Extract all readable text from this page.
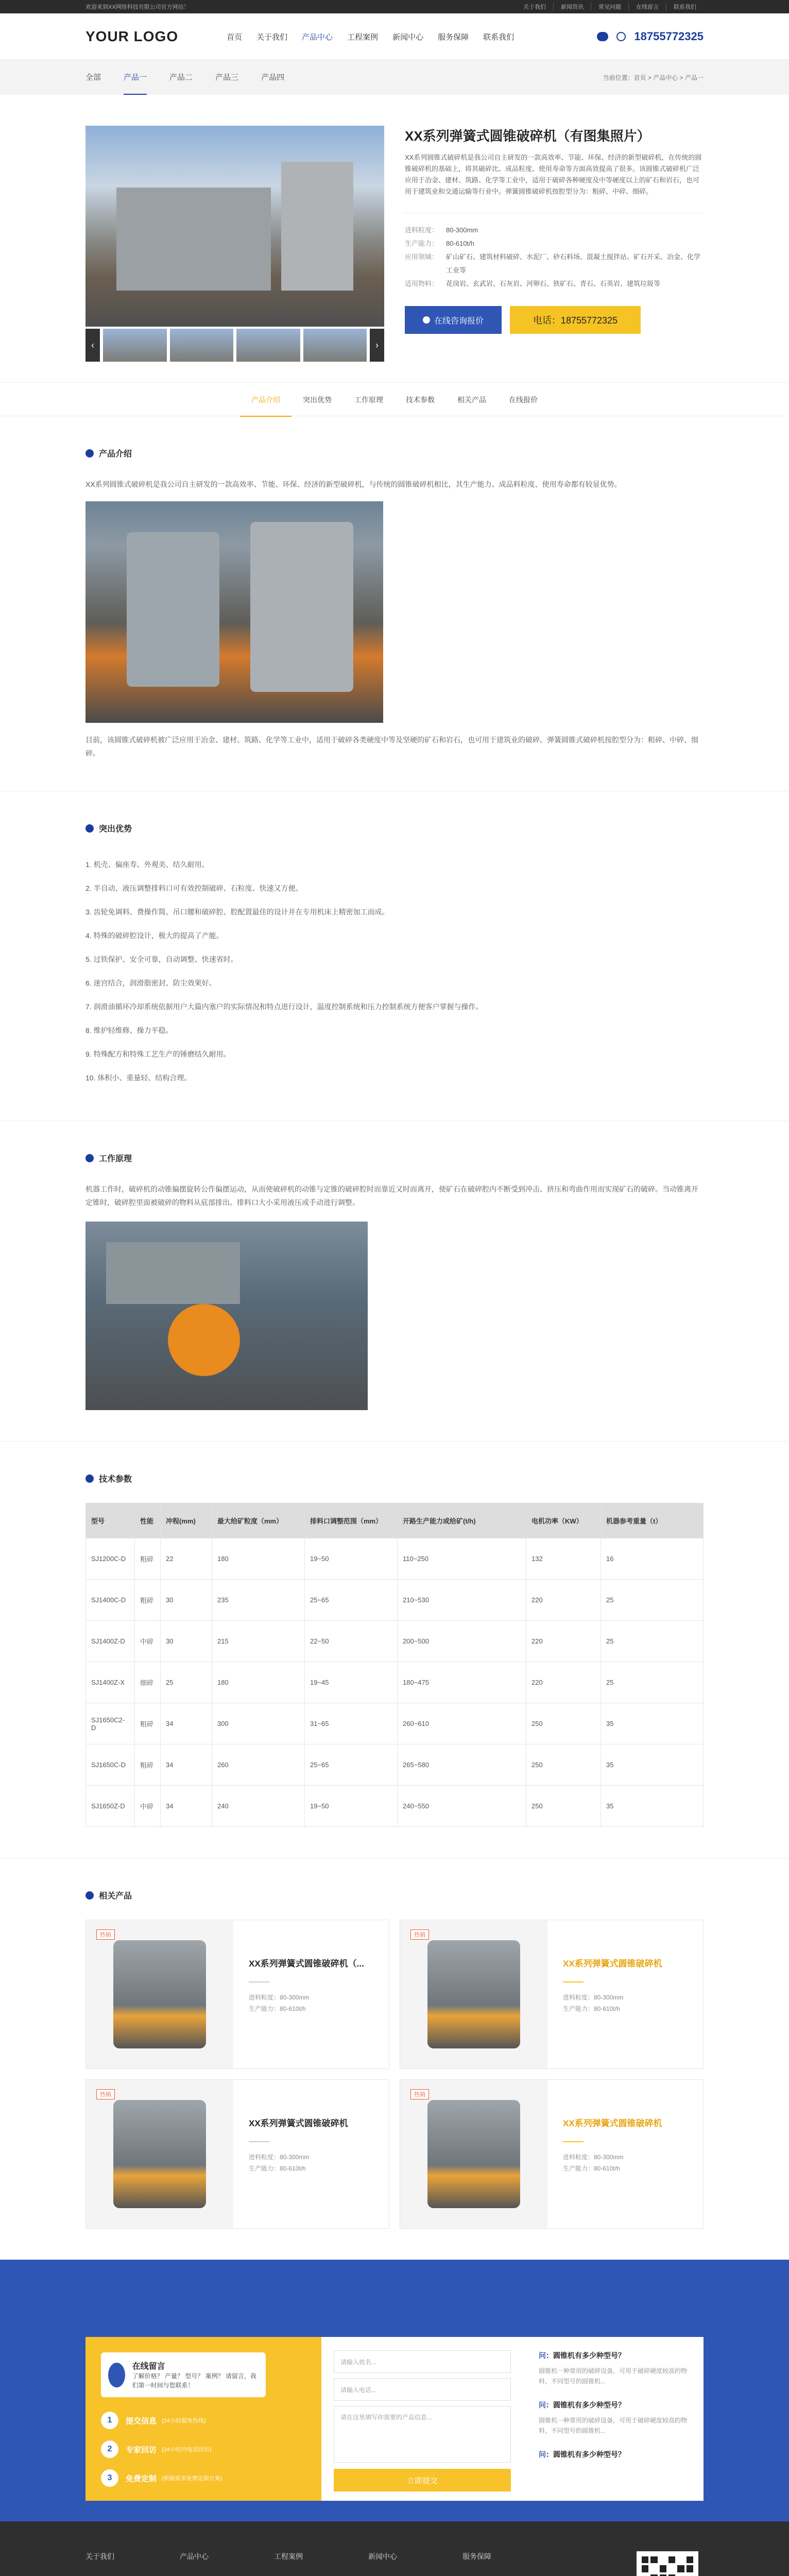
欢迎来到XX网络科技有限公司官方网站！	关于我们	新闻资讯	常见问题	在线留言	联系我们
YOUR LOGO	首页	关于我们	产品中心	工程案例	新闻中心	服务保障	联系我们	18755772325
全部	产品一	产品二	产品三	产品四	当前位置：首页 > 产品中心 > 产品一
‹	›
XX系列弹簧式圆锥破碎机（有图集照片）
XX系列圆锥式破碎机是我公司自主研发的一款高效率、节能、环保、经济的新型破碎机，在传统的圆锥破碎机的基础上，将其破碎比、成品粒度、使用寿命等方面高效提高了很多。该圆锥式破碎机广泛应用于冶金、建材、筑路、化学等工业中，适用于破碎各种硬度及中等硬度以上的矿石和岩石，也可用于建筑业和交通运输等行业中。弹簧圆锥破碎机按腔型分为：粗碎、中碎、细碎。
进料粒度：	80-300mm
生产能力：	80-610t/h
应用领域：	矿山矿石、建筑材料破碎、水泥厂、砂石料场、混凝土搅拌站、矿石开采、冶金、化学工业等
适用物料：	花岗岩、玄武岩、石灰岩、河卵石、铁矿石、青石、石英岩、建筑垃圾等
在线咨询报价	电话：18755772325
产品介绍	突出优势	工作原理	技术参数	相关产品	在线报价
产品介绍

XX系列圆锥式破碎机是我公司自主研发的一款高效率、节能、环保、经济的新型破碎机，与传统的圆锥破碎机相比，其生产能力、成品料粒度、使用寿命都有较显优势。

目前，该圆锥式破碎机被广泛应用于冶金、建材、筑路、化学等工业中，适用于破碎各类硬度中等及坚硬的矿石和岩石，也可用于建筑业的破碎。弹簧圆锥式破碎机按腔型分为：粗碎、中碎、细碎。

突出优势

1. 机壳、偏座寿、外观美、结久耐用。

2. 半自动、液压调整排料口可有效控制破碎、石粒度、快速又方便。

3. 齿轮免调料、费操作简、吊口腰和破碎腔、腔配置最佳的设计并在专用机床上精密加工而成。

4. 特殊的破碎腔设计，极大的提高了产能。

5. 过铁保护、安全可靠，自动调整、快速省时。

6. 迷宫结合，润滑脂密封、防尘效果好。

7. 润滑油循环冷却系统依据用户大篇内塞户的实际情况和特点进行设计，温度控制系统和压力控制系统方便客户掌握与操作。

8. 维护轻维修、操力平稳。

9. 特殊配方和特殊工艺生产的锤磨结久耐用。

10. 体积小、重量轻、结构合理。

工作原理

机器工作时，破碎机的动锥偏摆旋转公作偏摆运动，从而使破碎机的动锥与定锥的破碎腔时而靠近又时而离开，使矿石在破碎腔内不断受到冲击、挤压和弯曲作用而实现矿石的破碎。当动锥离开定锥时，破碎腔里面被破碎的物料从底部排出。排料口大小采用液压或手动进行调整。

技术参数
型号	性能	冲程(mm)	最大给矿粒度（mm）	排料口调整范围（mm）	开路生产能力或给矿(t/h)	电机功率（KW）	机器参考重量（t）
SJ1200C-D	粗碎	22	180	19~50	110~250	132	16
SJ1400C-D	粗碎	30	235	25~65	210~530	220	25
SJ1400Z-D	中碎	30	215	22~50	200~500	220	25
SJ1400Z-X	细碎	25	180	19~45	180~475	220	25
SJ1650C2-D	粗碎	34	300	31~65	260~610	250	35
SJ1650C-D	粗碎	34	260	25~65	265~580	250	35
SJ1650Z-D	中碎	34	240	19~50	240~550	250	35
相关产品
热销
XX系列弹簧式圆锥破碎机（...
进料粒度：80-300mm
生产能力：80-610t/h
热销
XX系列弹簧式圆锥破碎机
进料粒度：80-300mm
生产能力：80-610t/h
热销
XX系列弹簧式圆锥破碎机
进料粒度：80-300mm
生产能力：80-610t/h
热销
XX系列弹簧式圆锥破碎机
进料粒度：80-300mm
生产能力：80-610t/h
在线留言
了解价格？ 产量？ 型号？ 案例？ 请留言，我们第一时间与您联系！
1	提交信息 (24小时服务热线)
2	专家回访 (24小时内电话回访)
3	免费定制 (根据需求免费定制方案)
请输入姓名...
请输入电话...
请在这里填写你需要的产品信息...
立即提交
问：圆锥机有多少种型号？
圆锥机一种常用的破碎设备，可用于破碎硬度较高的物料，不同型号的圆锥机...
问：圆锥机有多少种型号？
圆锥机一种常用的破碎设备，可用于破碎硬度较高的物料，不同型号的圆锥机...
问：圆锥机有多少种型号？
关于我们	产品中心	工程案例	新闻中心	服务保障
